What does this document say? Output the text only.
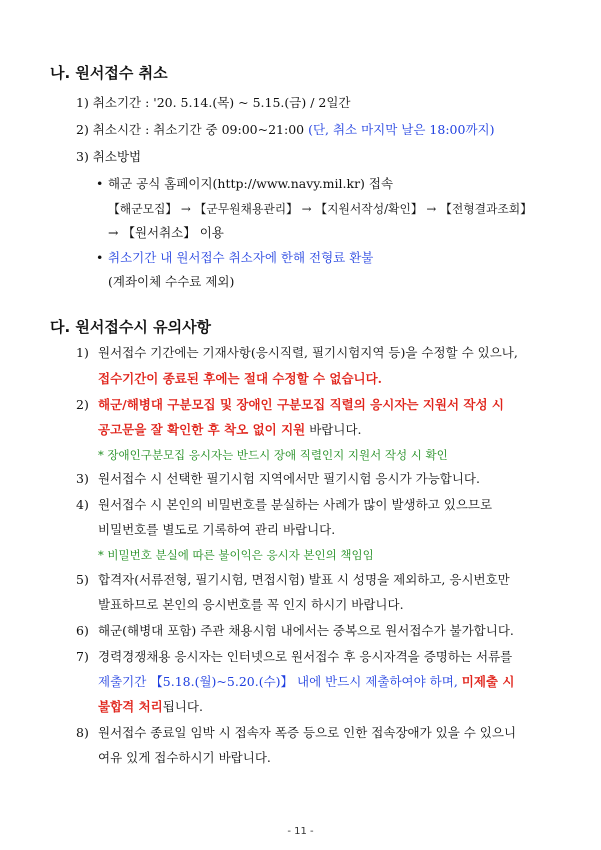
나. 원서접수 취소
1) 취소기간 : '20. 5.14.(목) ~ 5.15.(금) / 2일간
2) 취소시간 : 취소기간 중 09:00~21:00 (단, 취소 마지막 날은 18:00까지)
3) 취소방법
• 해군 공식 홈페이지(http://www.navy.mil.kr) 접속
【해군모집】 → 【군무원채용관리】 → 【지원서작성/확인】 → 【전형결과조회】
→ 【원서취소】 이용
• 취소기간 내 원서접수 취소자에 한해 전형료 환불
(계좌이체 수수료 제외)
다. 원서접수시 유의사항
1) 원서접수 기간에는 기재사항(응시직렬, 필기시험지역 등)을 수정할 수 있으나,
접수기간이 종료된 후에는 절대 수정할 수 없습니다.
2) 해군/해병대 구분모집 및 장애인 구분모집 직렬의 응시자는 지원서 작성 시
공고문을 잘 확인한 후 착오 없이 지원 바랍니다.
* 장애인구분모집 응시자는 반드시 장애 직렬인지 지원서 작성 시 확인
3) 원서접수 시 선택한 필기시험 지역에서만 필기시험 응시가 가능합니다.
4) 원서접수 시 본인의 비밀번호를 분실하는 사례가 많이 발생하고 있으므로
비밀번호를 별도로 기록하여 관리 바랍니다.
* 비밀번호 분실에 따른 불이익은 응시자 본인의 책임임
5) 합격자(서류전형, 필기시험, 면접시험) 발표 시 성명을 제외하고, 응시번호만
발표하므로 본인의 응시번호를 꼭 인지 하시기 바랍니다.
6) 해군(해병대 포함) 주관 채용시험 내에서는 중복으로 원서접수가 불가합니다.
7) 경력경쟁채용 응시자는 인터넷으로 원서접수 후 응시자격을 증명하는 서류를
제출기간 【5.18.(월)~5.20.(수)】 내에 반드시 제출하여야 하며, 미제출 시
불합격 처리됩니다.
8) 원서접수 종료일 임박 시 접속자 폭증 등으로 인한 접속장애가 있을 수 있으니
여유 있게 접수하시기 바랍니다.
- 11 -
